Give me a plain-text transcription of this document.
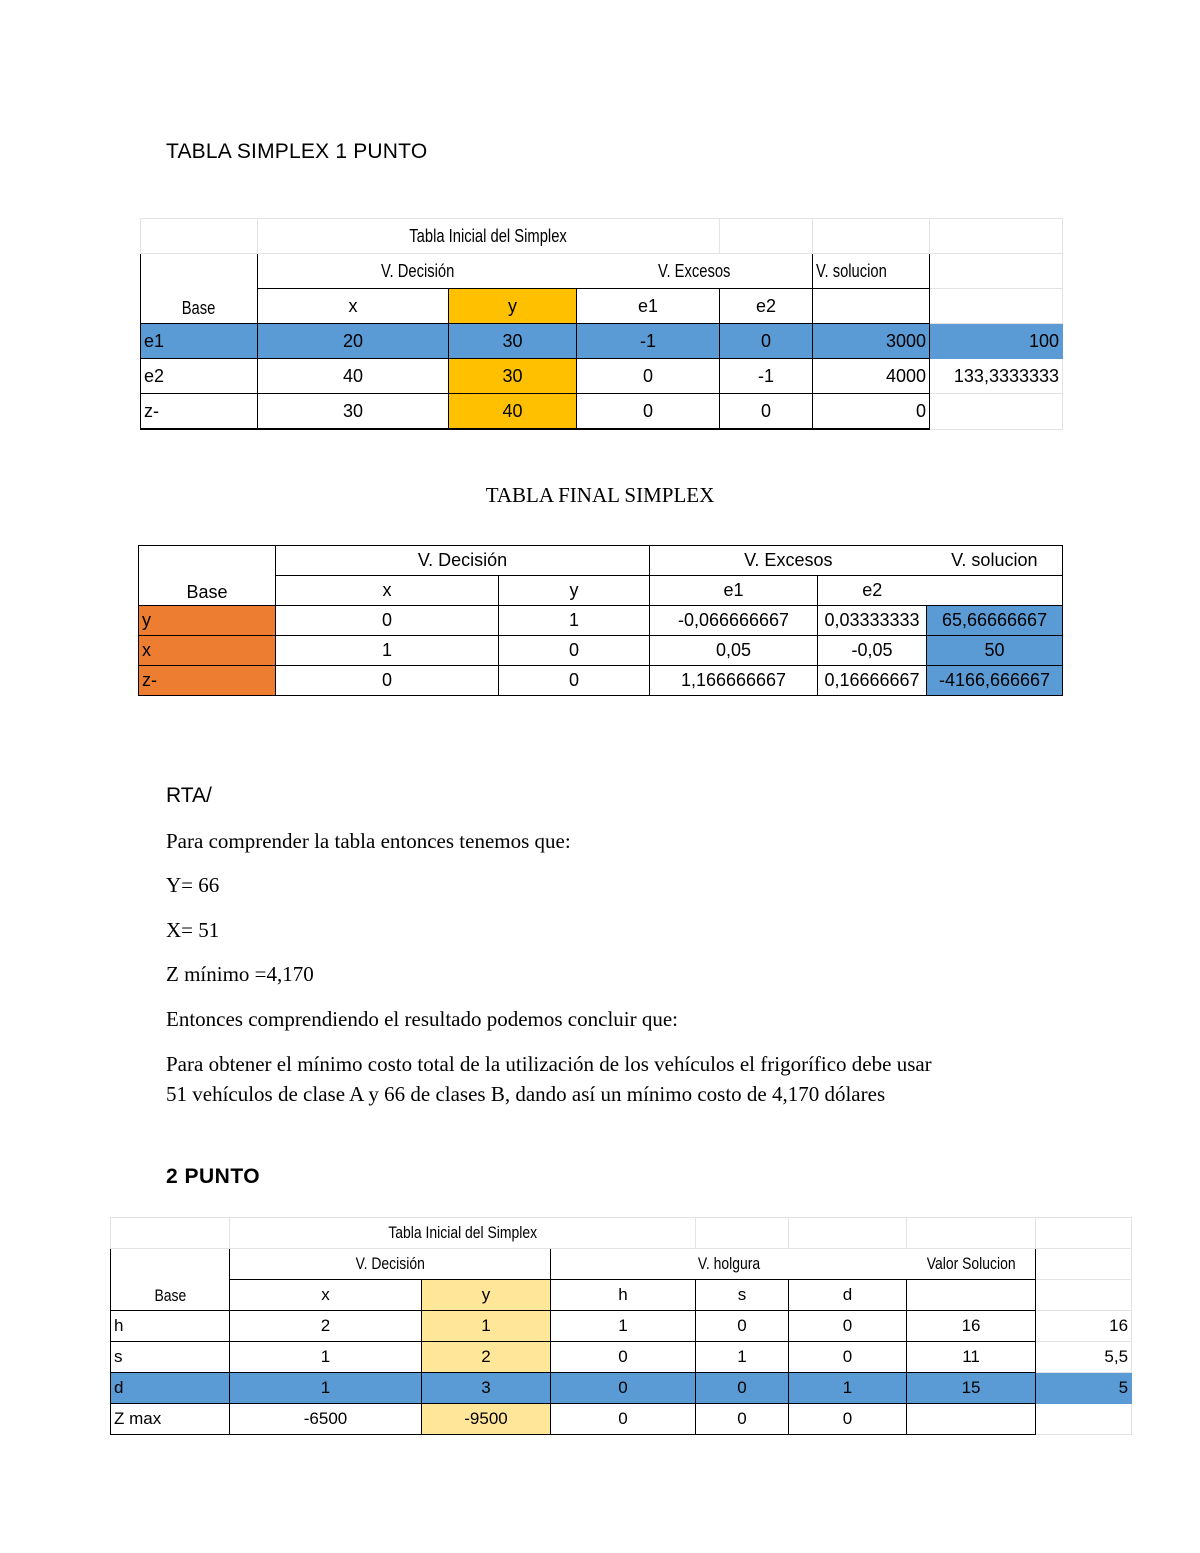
TABLA SIMPLEX 1 PUNTO
	Tabla Inicial del Simplex					
Base	V. Decisión		V. Excesos		V. solucion	
	x	y	e1	e2		
e1	20	30	-1	0	3000	100
e2	40	30	0	-1	4000	133,3333333
z-	30	40	0	0	0	
TABLA FINAL SIMPLEX
Base	V. Decisión		V. Excesos		V. solucion
	x	y	e1	e2	
y	0	1	-0,066666667	0,03333333	65,66666667
x	1	0	0,05	-0,05	50
z-	0	0	1,166666667	0,16666667	-4166,666667
RTA/
Para comprender la tabla entonces tenemos que:
Y= 66
X= 51
Z mínimo =4,170
Entonces comprendiendo el resultado podemos concluir que:
Para obtener el mínimo costo total de la utilización de los vehículos el frigorífico debe usar
51 vehículos de clase A y 66 de clases B, dando así un mínimo costo de 4,170 dólares
2 PUNTO
	Tabla Inicial del Simplex						
Base	V. Decisión		V. holgura			Valor Solucion	
	x	y	h	s	d		
h	2	1	1	0	0	16	16
s	1	2	0	1	0	11	5,5
d	1	3	0	0	1	15	5
Z max	-6500	-9500	0	0	0		
